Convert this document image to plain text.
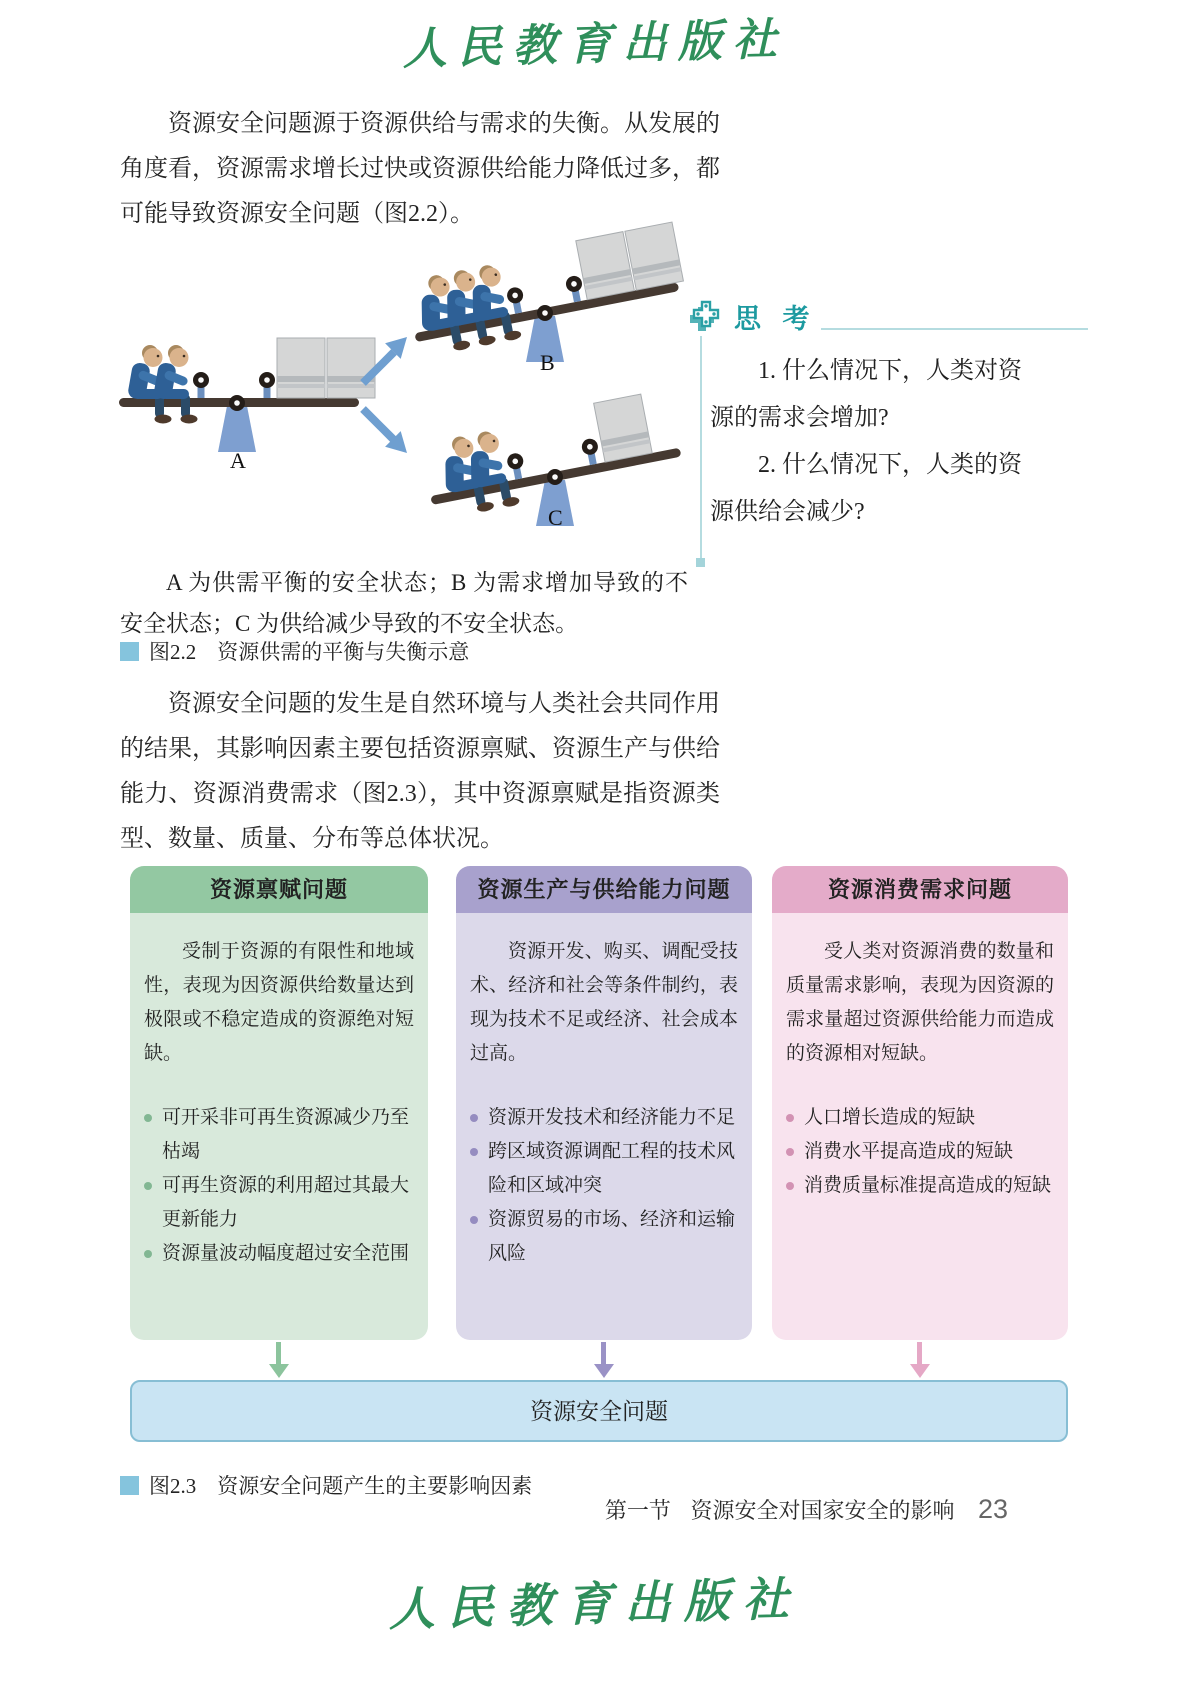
人民教育出版社

资源安全问题源于资源供给与需求的失衡。从发展的角度看，资源需求增长过快或资源供给能力降低过多，都可能导致资源安全问题（图2.2）。

A
B
C
思 考

1. 什么情况下，人类对资源的需求会增加?

2. 什么情况下，人类的资源供给会减少?

A 为供需平衡的安全状态；B 为需求增加导致的不安全状态；C 为供给减少导致的不安全状态。

图2.2　资源供需的平衡与失衡示意

资源安全问题的发生是自然环境与人类社会共同作用的结果，其影响因素主要包括资源禀赋、资源生产与供给能力、资源消费需求（图2.3），其中资源禀赋是指资源类型、数量、质量、分布等总体状况。

资源禀赋问题

受制于资源的有限性和地域性，表现为因资源供给数量达到极限或不稳定造成的资源绝对短缺。

可开采非可再生资源减少乃至枯竭
可再生资源的利用超过其最大更新能力
资源量波动幅度超过安全范围
资源生产与供给能力问题

资源开发、购买、调配受技术、经济和社会等条件制约，表现为技术不足或经济、社会成本过高。

资源开发技术和经济能力不足
跨区域资源调配工程的技术风险和区域冲突
资源贸易的市场、经济和运输风险
资源消费需求问题

受人类对资源消费的数量和质量需求影响，表现为因资源的需求量超过资源供给能力而造成的资源相对短缺。

人口增长造成的短缺
消费水平提高造成的短缺
消费质量标准提高造成的短缺
资源安全问题
图2.3　资源安全问题产生的主要影响因素
第一节 资源安全对国家安全的影响 23
人民教育出版社
